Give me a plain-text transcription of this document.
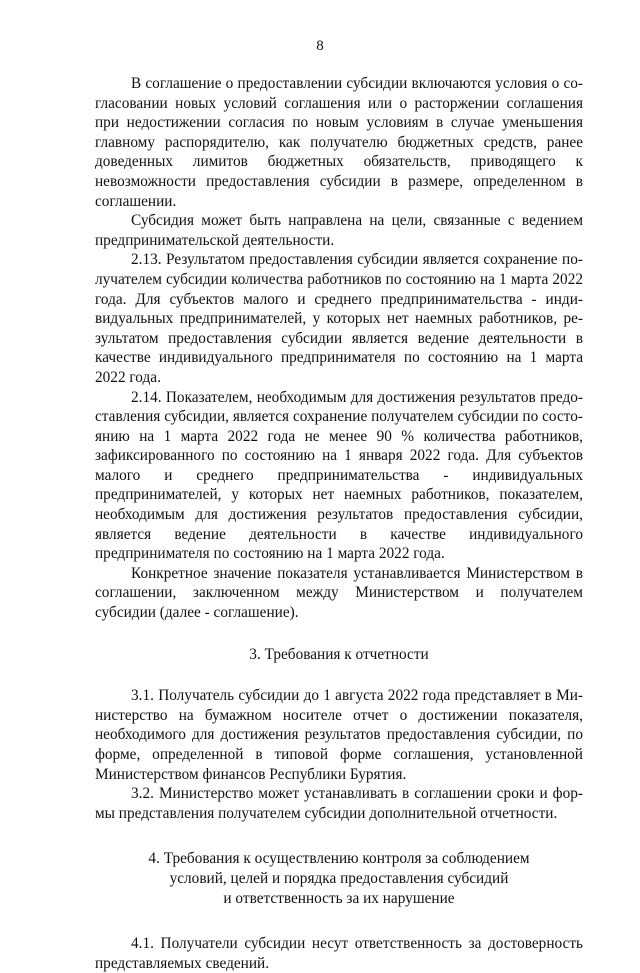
8

В соглашение о предоставлении субсидии включаются условия о согласовании новых условий соглашения или о расторжении соглашения при недостижении согласия по новым условиям в случае уменьшения главному распорядителю, как получателю бюджетных средств, ранее доведенных лимитов бюджетных обязательств, приводящего к невозможности предоставления субсидии в размере, определенном в соглашении.

Субсидия может быть направлена на цели, связанные с ведением предпринимательской деятельности.

2.13. Результатом предоставления субсидии является сохранение получателем субсидии количества работников по состоянию на 1 марта 2022 года. Для субъектов малого и среднего предпринимательства - индивидуальных предпринимателей, у которых нет наемных работников, результатом предоставления субсидии является ведение деятельности в качестве индивидуального предпринимателя по состоянию на 1 марта 2022 года.

2.14. Показателем, необходимым для достижения результатов предоставления субсидии, является сохранение получателем субсидии по состоянию на 1 марта 2022 года не менее 90 % количества работников, зафиксированного по состоянию на 1 января 2022 года. Для субъектов малого и среднего предпринимательства - индивидуальных предпринимателей, у которых нет наемных работников, показателем, необходимым для достижения результатов предоставления субсидии, является ведение деятельности в качестве индивидуального предпринимателя по состоянию на 1 марта 2022 года.

Конкретное значение показателя устанавливается Министерством в соглашении, заключенном между Министерством и получателем субсидии (далее - соглашение).

3. Требования к отчетности

3.1. Получатель субсидии до 1 августа 2022 года представляет в Министерство на бумажном носителе отчет о достижении показателя, необходимого для достижения результатов предоставления субсидии, по форме, определенной в типовой форме соглашения, установленной Министерством финансов Республики Бурятия.

3.2. Министерство может устанавливать в соглашении сроки и формы представления получателем субсидии дополнительной отчетности.

4. Требования к осуществлению контроля за соблюдением

условий, целей и порядка предоставления субсидий

и ответственность за их нарушение

4.1. Получатели субсидии несут ответственность за достоверность представляемых сведений.
